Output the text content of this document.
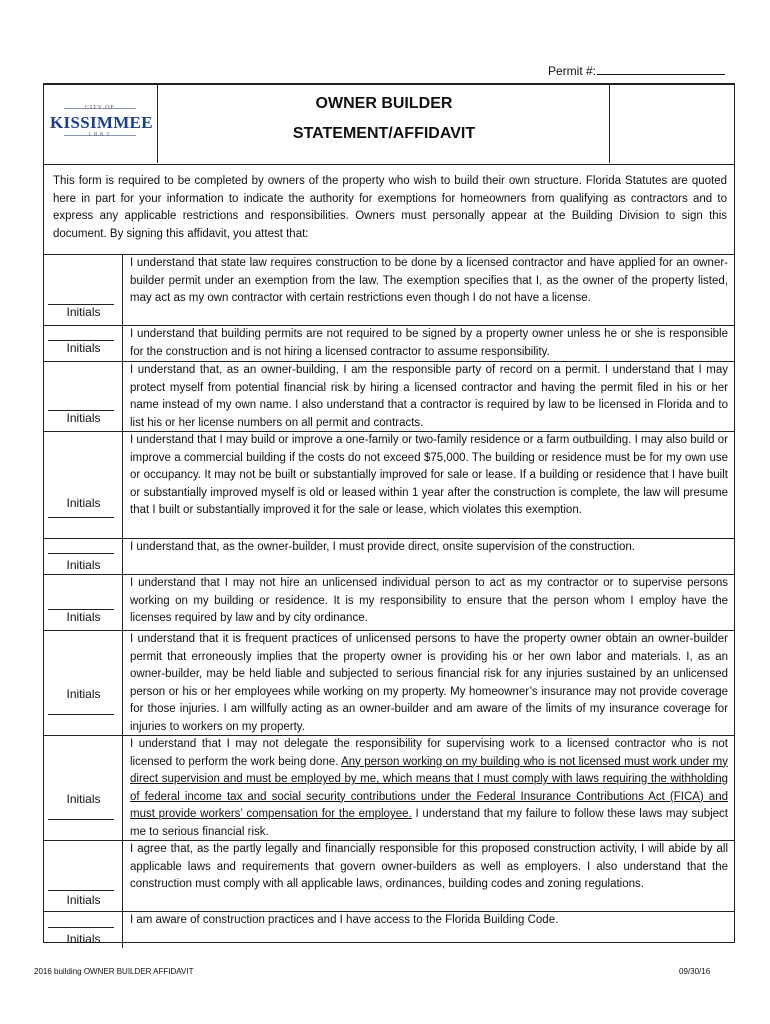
Permit #:
CITY OF
KISSIMMEE
1883
OWNER BUILDER
STATEMENT/AFFIDAVIT
This form is required to be completed by owners of the property who wish to build their own structure. Florida Statutes are quoted here in part for your information to indicate the authority for exemptions for homeowners from qualifying as contractors and to express any applicable restrictions and responsibilities. Owners must personally appear at the Building Division to sign this document. By signing this affidavit, you attest that:
Initials
I understand that state law requires construction to be done by a licensed contractor and have applied for an owner-builder permit under an exemption from the law. The exemption specifies that I, as the owner of the property listed, may act as my own contractor with certain restrictions even though I do not have a license.
Initials
I understand that building permits are not required to be signed by a property owner unless he or she is responsible for the construction and is not hiring a licensed contractor to assume responsibility.
Initials
I understand that, as an owner-building, I am the responsible party of record on a permit. I understand that I may protect myself from potential financial risk by hiring a licensed contractor and having the permit filed in his or her name instead of my own name. I also understand that a contractor is required by law to be licensed in Florida and to list his or her license numbers on all permit and contracts.
Initials
I understand that I may build or improve a one-family or two-family residence or a farm outbuilding. I may also build or improve a commercial building if the costs do not exceed $75,000. The building or residence must be for my own use or occupancy. It may not be built or substantially improved for sale or lease. If a building or residence that I have built or substantially improved myself is old or leased within 1 year after the construction is complete, the law will presume that I built or substantially improved it for the sale or lease, which violates this exemption.
Initials
I understand that, as the owner-builder, I must provide direct, onsite supervision of the construction.
Initials
I understand that I may not hire an unlicensed individual person to act as my contractor or to supervise persons working on my building or residence. It is my responsibility to ensure that the person whom I employ have the licenses required by law and by city ordinance.
Initials
I understand that it is frequent practices of unlicensed persons to have the property owner obtain an owner-builder permit that erroneously implies that the property owner is providing his or her own labor and materials. I, as an owner-builder, may be held liable and subjected to serious financial risk for any injuries sustained by an unlicensed person or his or her employees while working on my property. My homeowner’s insurance may not provide coverage for those injuries. I am willfully acting as an owner-builder and am aware of the limits of my insurance coverage for injuries to workers on my property.
Initials
I understand that I may not delegate the responsibility for supervising work to a licensed contractor who is not licensed to perform the work being done. Any person working on my building who is not licensed must work under my direct supervision and must be employed by me, which means that I must comply with laws requiring the withholding of federal income tax and social security contributions under the Federal Insurance Contributions Act (FICA) and must provide workers’ compensation for the employee. I understand that my failure to follow these laws may subject me to serious financial risk.
Initials
I agree that, as the partly legally and financially responsible for this proposed construction activity, I will abide by all applicable laws and requirements that govern owner-builders as well as employers. I also understand that the construction must comply with all applicable laws, ordinances, building codes and zoning regulations.
Initials
I am aware of construction practices and I have access to the Florida Building Code.
2016 building OWNER BUILDER AFFIDAVIT	09/30/16
